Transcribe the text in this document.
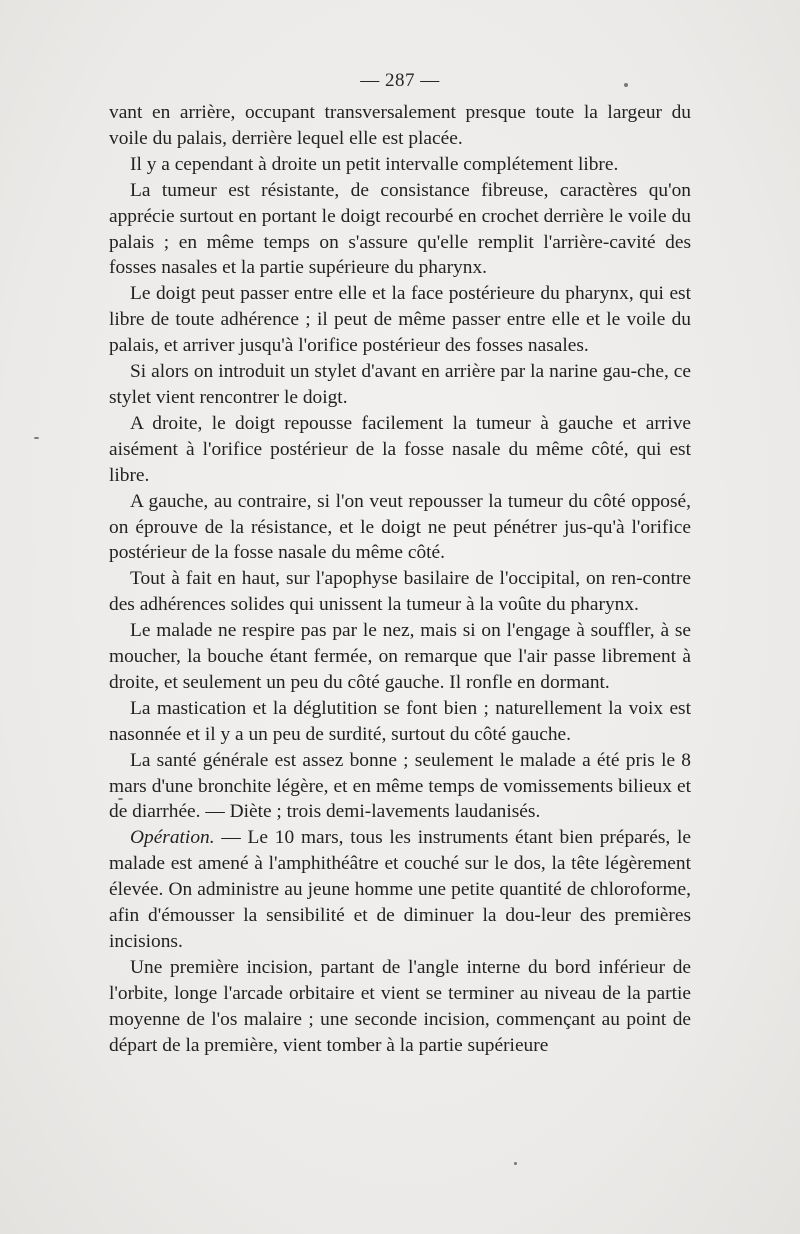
— 287 —

vant en arrière, occupant transversalement presque toute la largeur du voile du palais, derrière lequel elle est placée.

Il y a cependant à droite un petit intervalle complétement libre.

La tumeur est résistante, de consistance fibreuse, caractères qu'on apprécie surtout en portant le doigt recourbé en crochet derrière le voile du palais ; en même temps on s'assure qu'elle remplit l'arrière-cavité des fosses nasales et la partie supérieure du pharynx.

Le doigt peut passer entre elle et la face postérieure du pharynx, qui est libre de toute adhérence ; il peut de même passer entre elle et le voile du palais, et arriver jusqu'à l'orifice postérieur des fosses nasales.

Si alors on introduit un stylet d'avant en arrière par la narine gau-che, ce stylet vient rencontrer le doigt.

A droite, le doigt repousse facilement la tumeur à gauche et arrive aisément à l'orifice postérieur de la fosse nasale du même côté, qui est libre.

A gauche, au contraire, si l'on veut repousser la tumeur du côté opposé, on éprouve de la résistance, et le doigt ne peut pénétrer jus-qu'à l'orifice postérieur de la fosse nasale du même côté.

Tout à fait en haut, sur l'apophyse basilaire de l'occipital, on ren-contre des adhérences solides qui unissent la tumeur à la voûte du pharynx.

Le malade ne respire pas par le nez, mais si on l'engage à souffler, à se moucher, la bouche étant fermée, on remarque que l'air passe librement à droite, et seulement un peu du côté gauche. Il ronfle en dormant.

La mastication et la déglutition se font bien ; naturellement la voix est nasonnée et il y a un peu de surdité, surtout du côté gauche.

La santé générale est assez bonne ; seulement le malade a été pris le 8 mars d'une bronchite légère, et en même temps de vomissements bilieux et de diarrhée. — Diète ; trois demi-lavements laudanisés.

Opération. — Le 10 mars, tous les instruments étant bien préparés, le malade est amené à l'amphithéâtre et couché sur le dos, la tête légèrement élevée. On administre au jeune homme une petite quantité de chloroforme, afin d'émousser la sensibilité et de diminuer la dou-leur des premières incisions.

Une première incision, partant de l'angle interne du bord inférieur de l'orbite, longe l'arcade orbitaire et vient se terminer au niveau de la partie moyenne de l'os malaire ; une seconde incision, commençant au point de départ de la première, vient tomber à la partie supérieure
